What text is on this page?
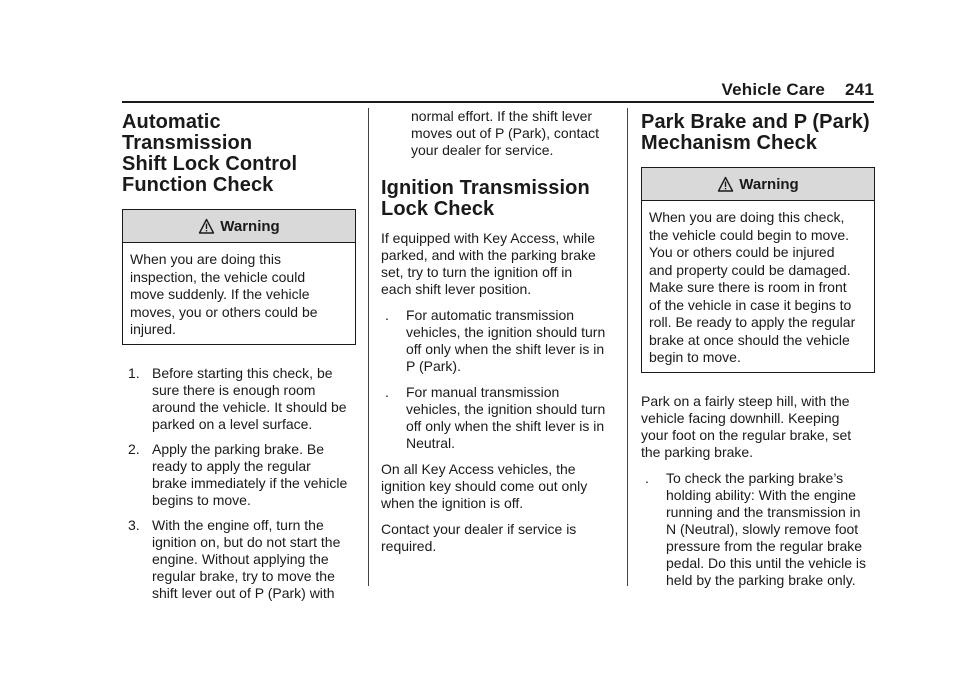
Vehicle Care 241
Automatic Transmission
Shift Lock Control
Function Check
Warning
When you are doing this
inspection, the vehicle could
move suddenly. If the vehicle
moves, you or others could be
injured.
1. Before starting this check, be
sure there is enough room
around the vehicle. It should be
parked on a level surface.
2. Apply the parking brake. Be
ready to apply the regular
brake immediately if the vehicle
begins to move.
3. With the engine off, turn the
ignition on, but do not start the
engine. Without applying the
regular brake, try to move the
shift lever out of P (Park) with

normal effort. If the shift lever
moves out of P (Park), contact
your dealer for service.

Ignition Transmission
Lock Check

If equipped with Key Access, while
parked, and with the parking brake
set, try to turn the ignition off in
each shift lever position.

. For automatic transmission
vehicles, the ignition should turn
off only when the shift lever is in
P (Park).
. For manual transmission
vehicles, the ignition should turn
off only when the shift lever is in
Neutral.

On all Key Access vehicles, the
ignition key should come out only
when the ignition is off.

Contact your dealer if service is
required.

Park Brake and P (Park)
Mechanism Check
Warning
When you are doing this check,
the vehicle could begin to move.
You or others could be injured
and property could be damaged.
Make sure there is room in front
of the vehicle in case it begins to
roll. Be ready to apply the regular
brake at once should the vehicle
begin to move.

Park on a fairly steep hill, with the
vehicle facing downhill. Keeping
your foot on the regular brake, set
the parking brake.

. To check the parking brake’s
holding ability: With the engine
running and the transmission in
N (Neutral), slowly remove foot
pressure from the regular brake
pedal. Do this until the vehicle is
held by the parking brake only.
